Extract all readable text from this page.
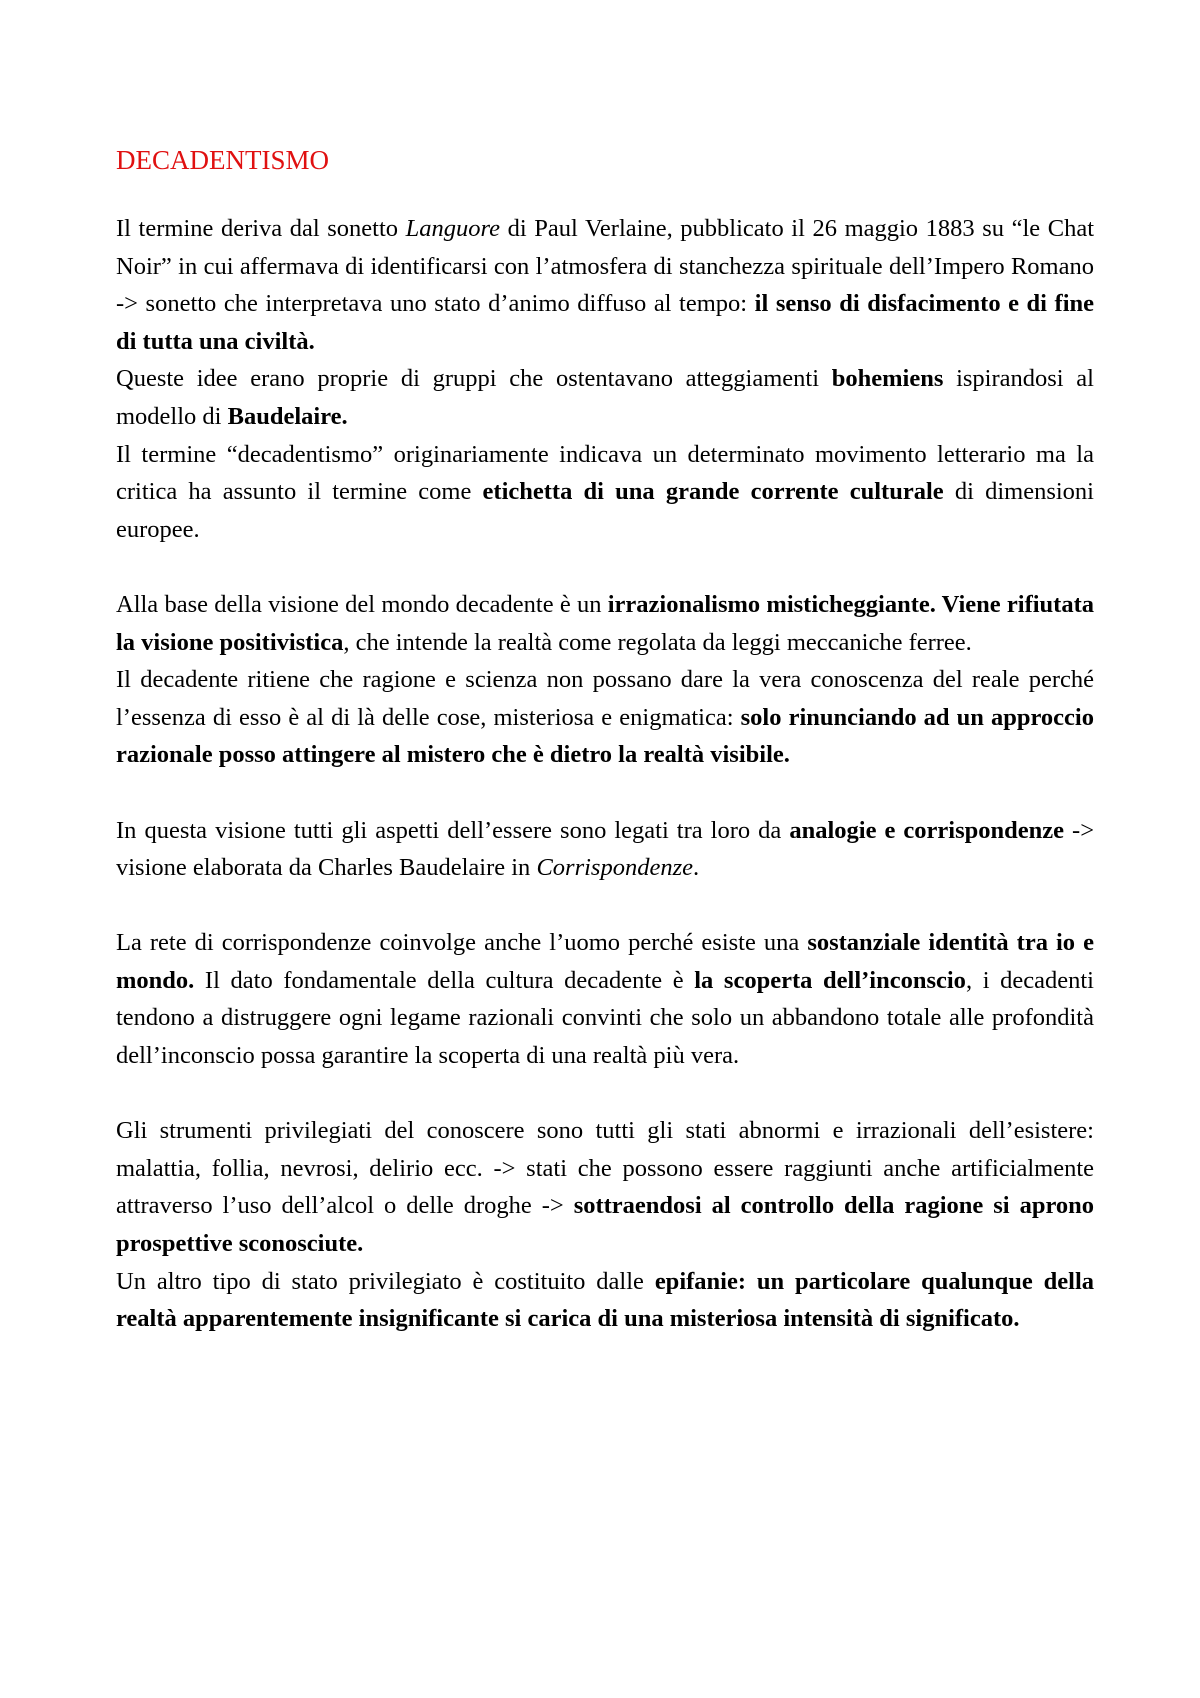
DECADENTISMO

Il termine deriva dal sonetto Languore di Paul Verlaine, pubblicato il 26 maggio 1883 su “le Chat Noir” in cui affermava di identificarsi con l’atmosfera di stanchezza spirituale dell’Impero Romano -> sonetto che interpretava uno stato d’animo diffuso al tempo: il senso di disfacimento e di fine di tutta una civiltà.

Queste idee erano proprie di gruppi che ostentavano atteggiamenti bohemiens ispirandosi al modello di Baudelaire.

Il termine “decadentismo” originariamente indicava un determinato movimento letterario ma la critica ha assunto il termine come etichetta di una grande corrente culturale di dimensioni europee.

Alla base della visione del mondo decadente è un irrazionalismo misticheggiante. Viene rifiutata la visione positivistica, che intende la realtà come regolata da leggi meccaniche ferree.

Il decadente ritiene che ragione e scienza non possano dare la vera conoscenza del reale perché l’essenza di esso è al di là delle cose, misteriosa e enigmatica: solo rinunciando ad un approccio razionale posso attingere al mistero che è dietro la realtà visibile.

In questa visione tutti gli aspetti dell’essere sono legati tra loro da analogie e corrispondenze -> visione elaborata da Charles Baudelaire in Corrispondenze.

La rete di corrispondenze coinvolge anche l’uomo perché esiste una sostanziale identità tra io e mondo. Il dato fondamentale della cultura decadente è la scoperta dell’inconscio, i decadenti tendono a distruggere ogni legame razionali convinti che solo un abbandono totale alle profondità dell’inconscio possa garantire la scoperta di una realtà più vera.

Gli strumenti privilegiati del conoscere sono tutti gli stati abnormi e irrazionali dell’esistere: malattia, follia, nevrosi, delirio ecc. -> stati che possono essere raggiunti anche artificialmente attraverso l’uso dell’alcol o delle droghe -> sottraendosi al controllo della ragione si aprono prospettive sconosciute.

Un altro tipo di stato privilegiato è costituito dalle epifanie: un particolare qualunque della realtà apparentemente insignificante si carica di una misteriosa intensità di significato.
